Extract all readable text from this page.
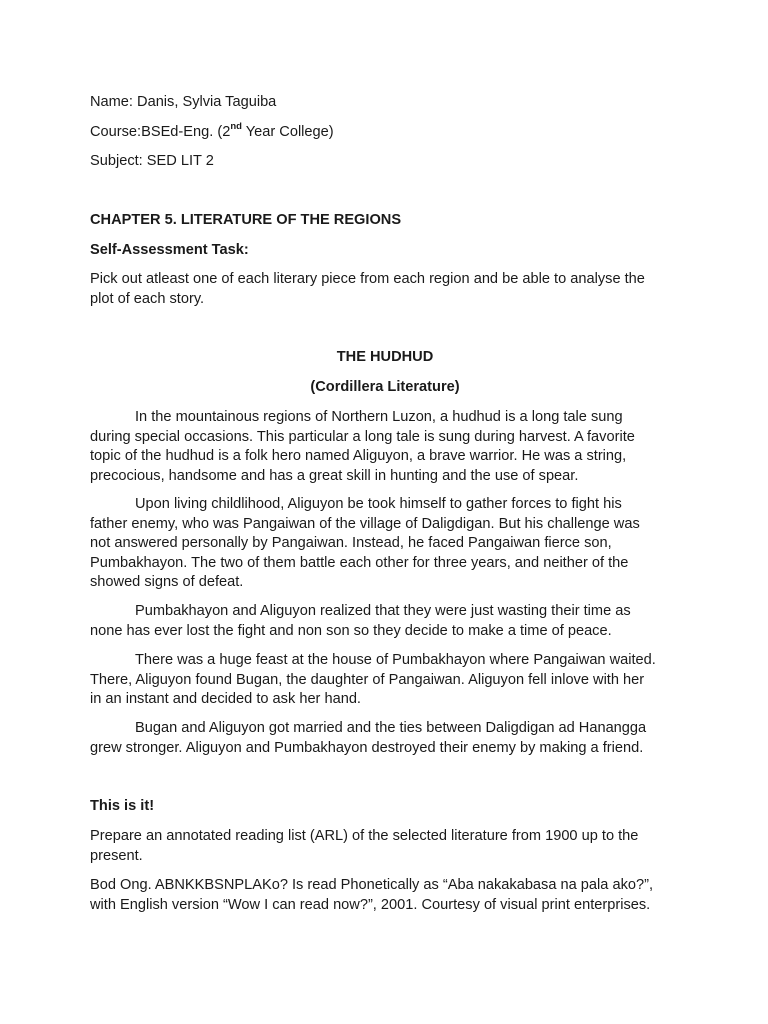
Name: Danis, Sylvia Taguiba
Course:BSEd-Eng. (2nd Year College)
Subject: SED LIT 2
CHAPTER 5. LITERATURE OF THE REGIONS
Self-Assessment Task:

Pick out atleast one of each literary piece from each region and be able to analyse the

plot of each story.

THE HUDHUD
(Cordillera Literature)

In the mountainous regions of Northern Luzon, a hudhud is a long tale sung

during special occasions. This particular a long tale is sung during harvest. A favorite

topic of the hudhud is a folk hero named Aliguyon, a brave warrior. He was a string,

precocious, handsome and has a great skill in hunting and the use of spear.

Upon living childlihood, Aliguyon be took himself to gather forces to fight his

father enemy, who was Pangaiwan of the village of Daligdigan. But his challenge was

not answered personally by Pangaiwan. Instead, he faced Pangaiwan fierce son,

Pumbakhayon. The two of them battle each other for three years, and neither of the

showed signs of defeat.

Pumbakhayon and Aliguyon realized that they were just wasting their time as

none has ever lost the fight and non son so they decide to make a time of peace.

There was a huge feast at the house of Pumbakhayon where Pangaiwan waited.

There, Aliguyon found Bugan, the daughter of Pangaiwan. Aliguyon fell inlove with her

in an instant and decided to ask her hand.

Bugan and Aliguyon got married and the ties between Daligdigan ad Hanangga

grew stronger. Aliguyon and Pumbakhayon destroyed their enemy by making a friend.

This is it!

Prepare an annotated reading list (ARL) of the selected literature from 1900 up to the

present.

Bod Ong. ABNKKBSNPLAKo? Is read Phonetically as “Aba nakakabasa na pala ako?”,

with English version “Wow I can read now?”, 2001. Courtesy of visual print enterprises.
